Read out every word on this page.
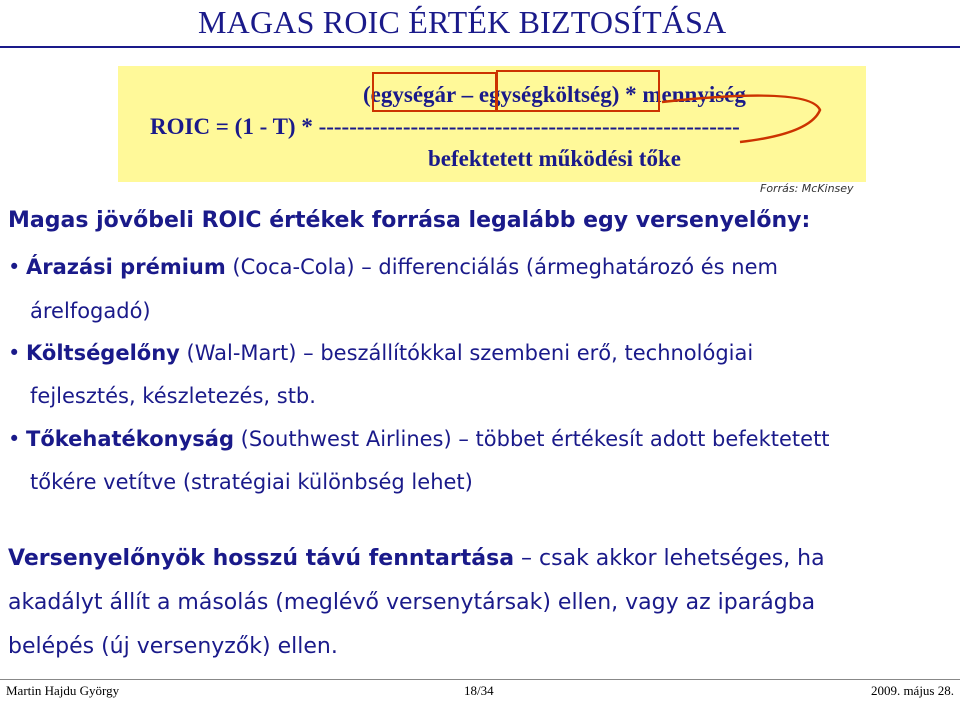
MAGAS ROIC ÉRTÉK BIZTOSÍTÁSA
(egységár – egységköltség) * mennyiség
ROIC = (1 - T) * -------------------------------------------------------
befektetett működési tőke
Forrás: McKinsey
Magas jövőbeli ROIC értékek forrása legalább egy versenyelőny:
• Árazási prémium (Coca-Cola) – differenciálás (ármeghatározó és nem
árelfogadó)
• Költségelőny (Wal-Mart) – beszállítókkal szembeni erő, technológiai
fejlesztés, készletezés, stb.
• Tőkehatékonyság (Southwest Airlines) – többet értékesít adott befektetett
tőkére vetítve (stratégiai különbség lehet)
Versenyelőnyök hosszú távú fenntartása – csak akkor lehetséges, ha
akadályt állít a másolás (meglévő versenytársak) ellen, vagy az iparágba
belépés (új versenyzők) ellen.
Martin Hajdu György	18/34	2009. május 28.
